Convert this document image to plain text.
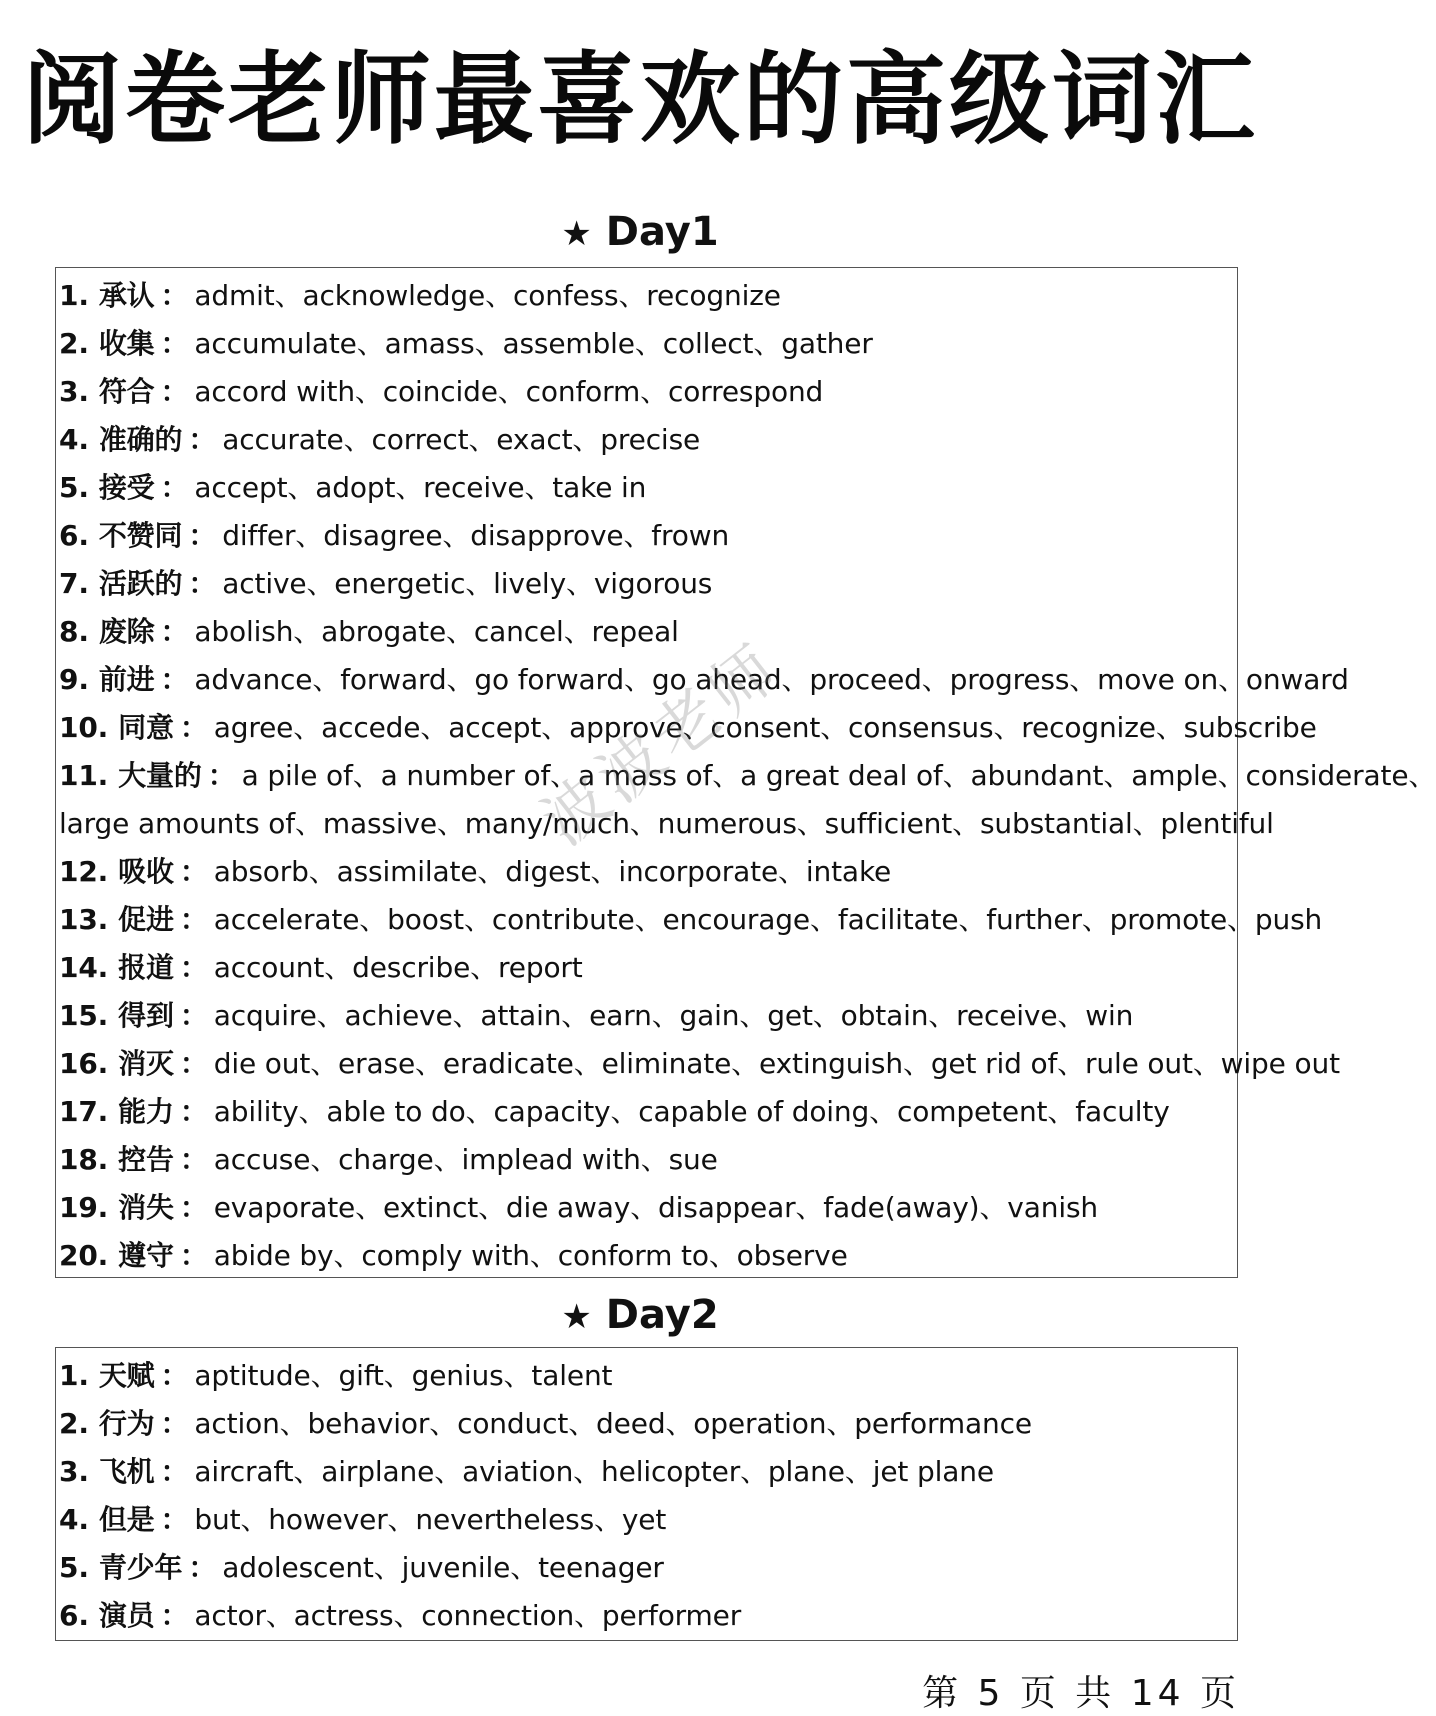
阅卷老师最喜欢的高级词汇
★ Day1
1. 承认 ： admit、acknowledge、confess、recognize
2. 收集 ： accumulate、amass、assemble、collect、gather
3. 符合 ： accord with、coincide、conform、correspond
4. 准确的 ： accurate、correct、exact、precise
5. 接受 ： accept、adopt、receive、take in
6. 不赞同 ： differ、disagree、disapprove、frown
7. 活跃的 ： active、energetic、lively、vigorous
8. 废除 ： abolish、abrogate、cancel、repeal
9. 前进 ： advance、forward、go forward、go ahead、proceed、progress、move on、onward
10. 同意 ： agree、accede、accept、approve、consent、consensus、recognize、subscribe
11. 大量的 ： a pile of、a number of、a mass of、a great deal of、abundant、ample、considerate、
large amounts of、massive、many/much、numerous、sufficient、substantial、plentiful
12. 吸收 ： absorb、assimilate、digest、incorporate、intake
13. 促进 ： accelerate、boost、contribute、encourage、facilitate、further、promote、push
14. 报道 ： account、describe、report
15. 得到 ： acquire、achieve、attain、earn、gain、get、obtain、receive、win
16. 消灭 ： die out、erase、eradicate、eliminate、extinguish、get rid of、rule out、wipe out
17. 能力 ： ability、able to do、capacity、capable of doing、competent、faculty
18. 控告 ： accuse、charge、implead with、sue
19. 消失 ： evaporate、extinct、die away、disappear、fade(away)、vanish
20. 遵守 ： abide by、comply with、conform to、observe
★ Day2
1. 天赋 ： aptitude、gift、genius、talent
2. 行为 ： action、behavior、conduct、deed、operation、performance
3. 飞机 ： aircraft、airplane、aviation、helicopter、plane、jet plane
4. 但是 ： but、however、nevertheless、yet
5. 青少年 ： adolescent、juvenile、teenager
6. 演员 ： actor、actress、connection、performer
波波老师
第 5 页 共 14 页
